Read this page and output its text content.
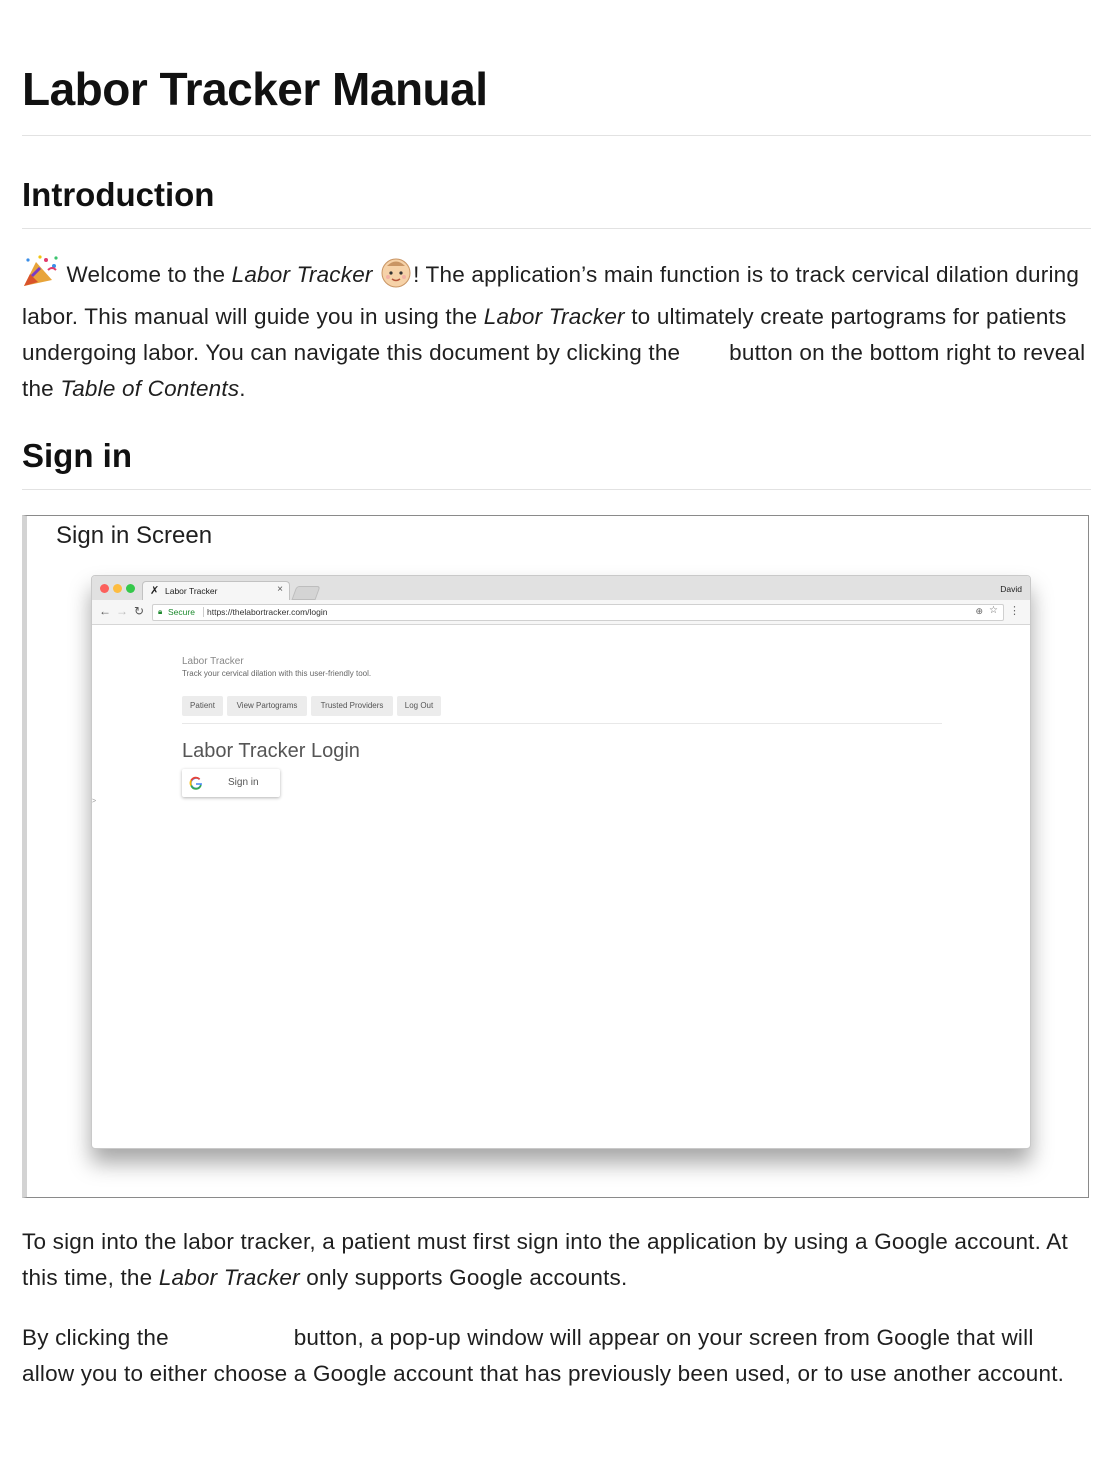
Labor Tracker Manual
Introduction

Welcome to the Labor Tracker ! The application’s main function is to track cervical dilation during labor. This manual will guide you in using the Labor Tracker to ultimately create partograms for patients undergoing labor. You can navigate this document by clicking the button on the bottom right to reveal the Table of Contents.

Sign in
Sign in Screen
✗ Labor Tracker	×	David
← → ↻ 🔒︎ Secure https://thelabortracker.com/login	⊕ ☆ ⋮
Labor Tracker
Track your cervical dilation with this user-friendly tool.
Patient	View Partograms	Trusted Providers	Log Out
Labor Tracker Login
Sign in
>

To sign into the labor tracker, a patient must first sign into the application by using a Google account. At this time, the Labor Tracker only supports Google accounts.

By clicking the	button, a pop-up window will appear on your screen from Google that will allow you to either choose a Google account that has previously been used, or to use another account.
